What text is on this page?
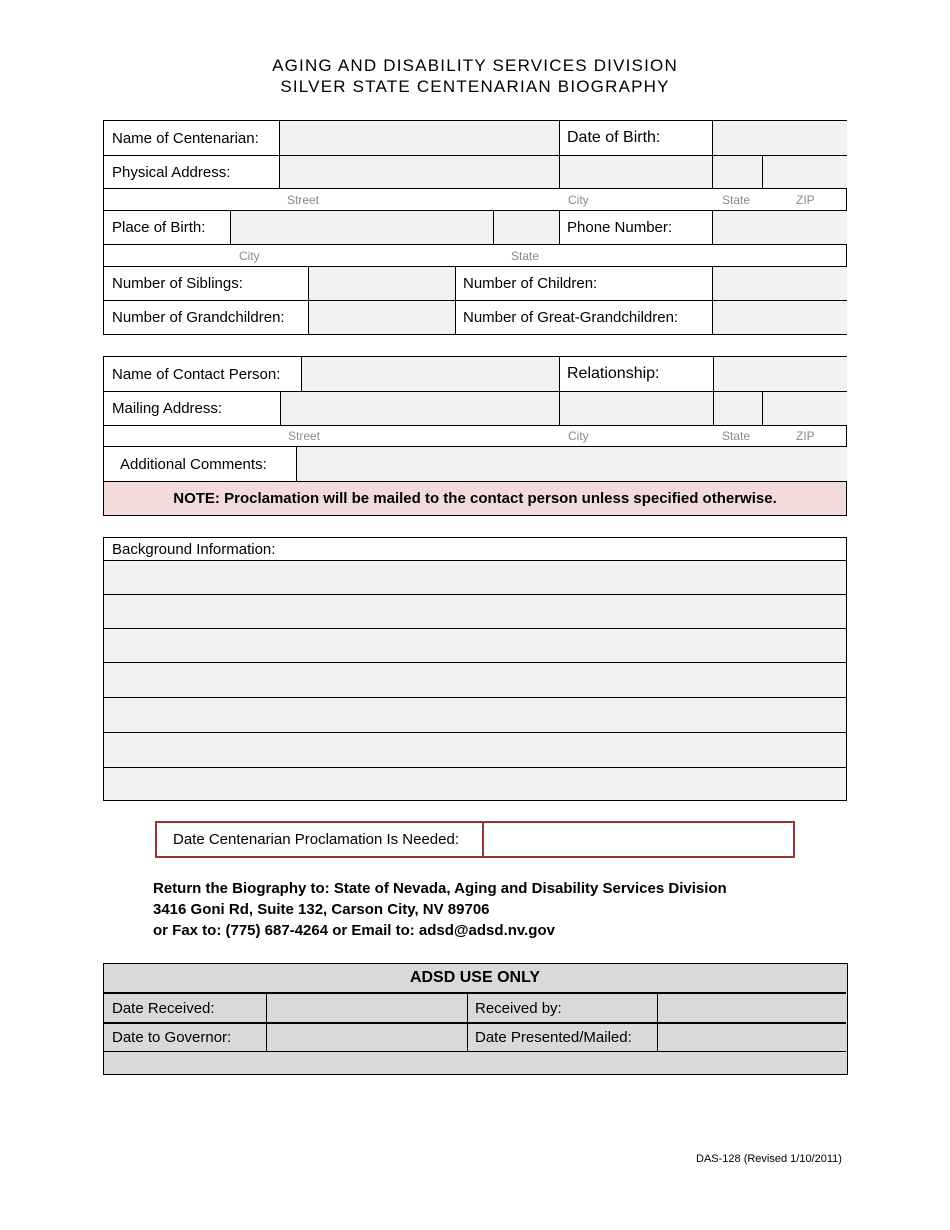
AGING AND DISABILITY SERVICES DIVISION
SILVER STATE CENTENARIAN BIOGRAPHY
Name of Centenarian:	Date of Birth:
Physical Address:
Street	City	State	ZIP
Place of Birth:	Phone Number:
City	State
Number of Siblings:	Number of Children:
Number of Grandchildren:	Number of Great-Grandchildren:
Name of Contact Person:	Relationship:
Mailing Address:
Street	City	State	ZIP
Additional Comments:
NOTE: Proclamation will be mailed to the contact person unless specified otherwise.
Background Information:
Date Centenarian Proclamation Is Needed:
Return the Biography to: State of Nevada, Aging and Disability Services Division
3416 Goni Rd, Suite 132, Carson City, NV 89706
or Fax to: (775) 687-4264 or Email to: adsd@adsd.nv.gov
ADSD USE ONLY
Date Received:	Received by:
Date to Governor:	Date Presented/Mailed:
DAS-128 (Revised 1/10/2011)
